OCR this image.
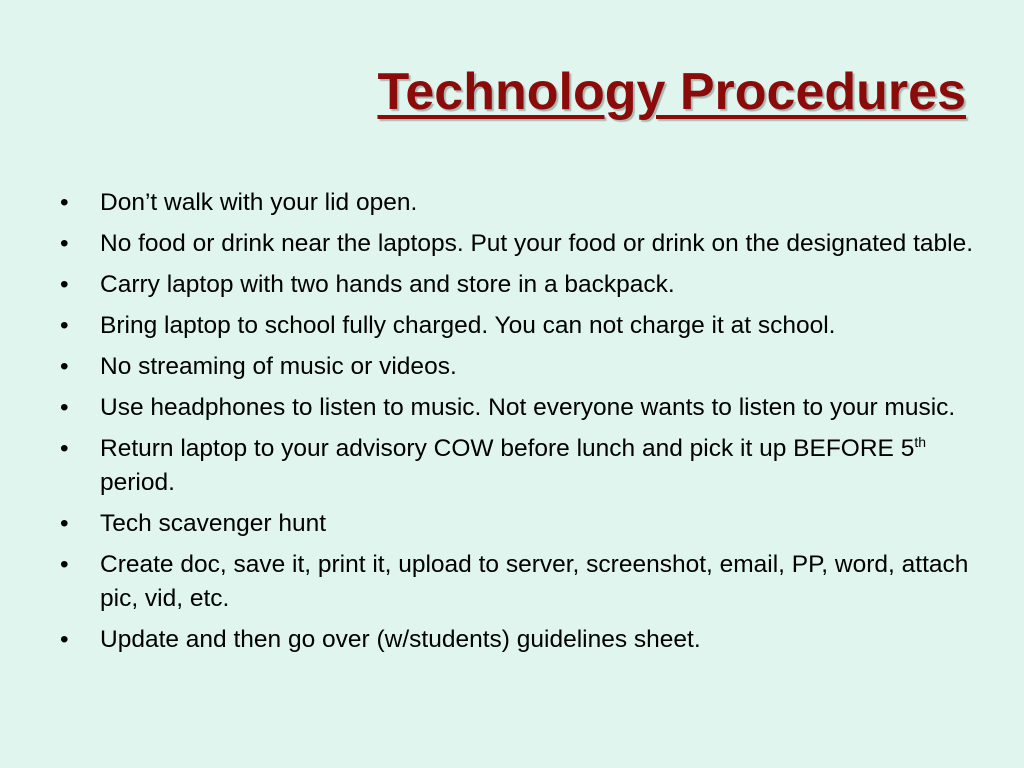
Technology Procedures
• Don’t walk with your lid open.
• No food or drink near the laptops. Put your food or drink on the designated table.
• Carry laptop with two hands and store in a backpack.
• Bring laptop to school fully charged. You can not charge it at school.
• No streaming of music or videos.
• Use headphones to listen to music. Not everyone wants to listen to your music.
• Return laptop to your advisory COW before lunch and pick it up BEFORE 5th period.
• Tech scavenger hunt
• Create doc, save it, print it, upload to server, screenshot, email, PP, word, attach pic, vid, etc.
• Update and then go over (w/students) guidelines sheet.
